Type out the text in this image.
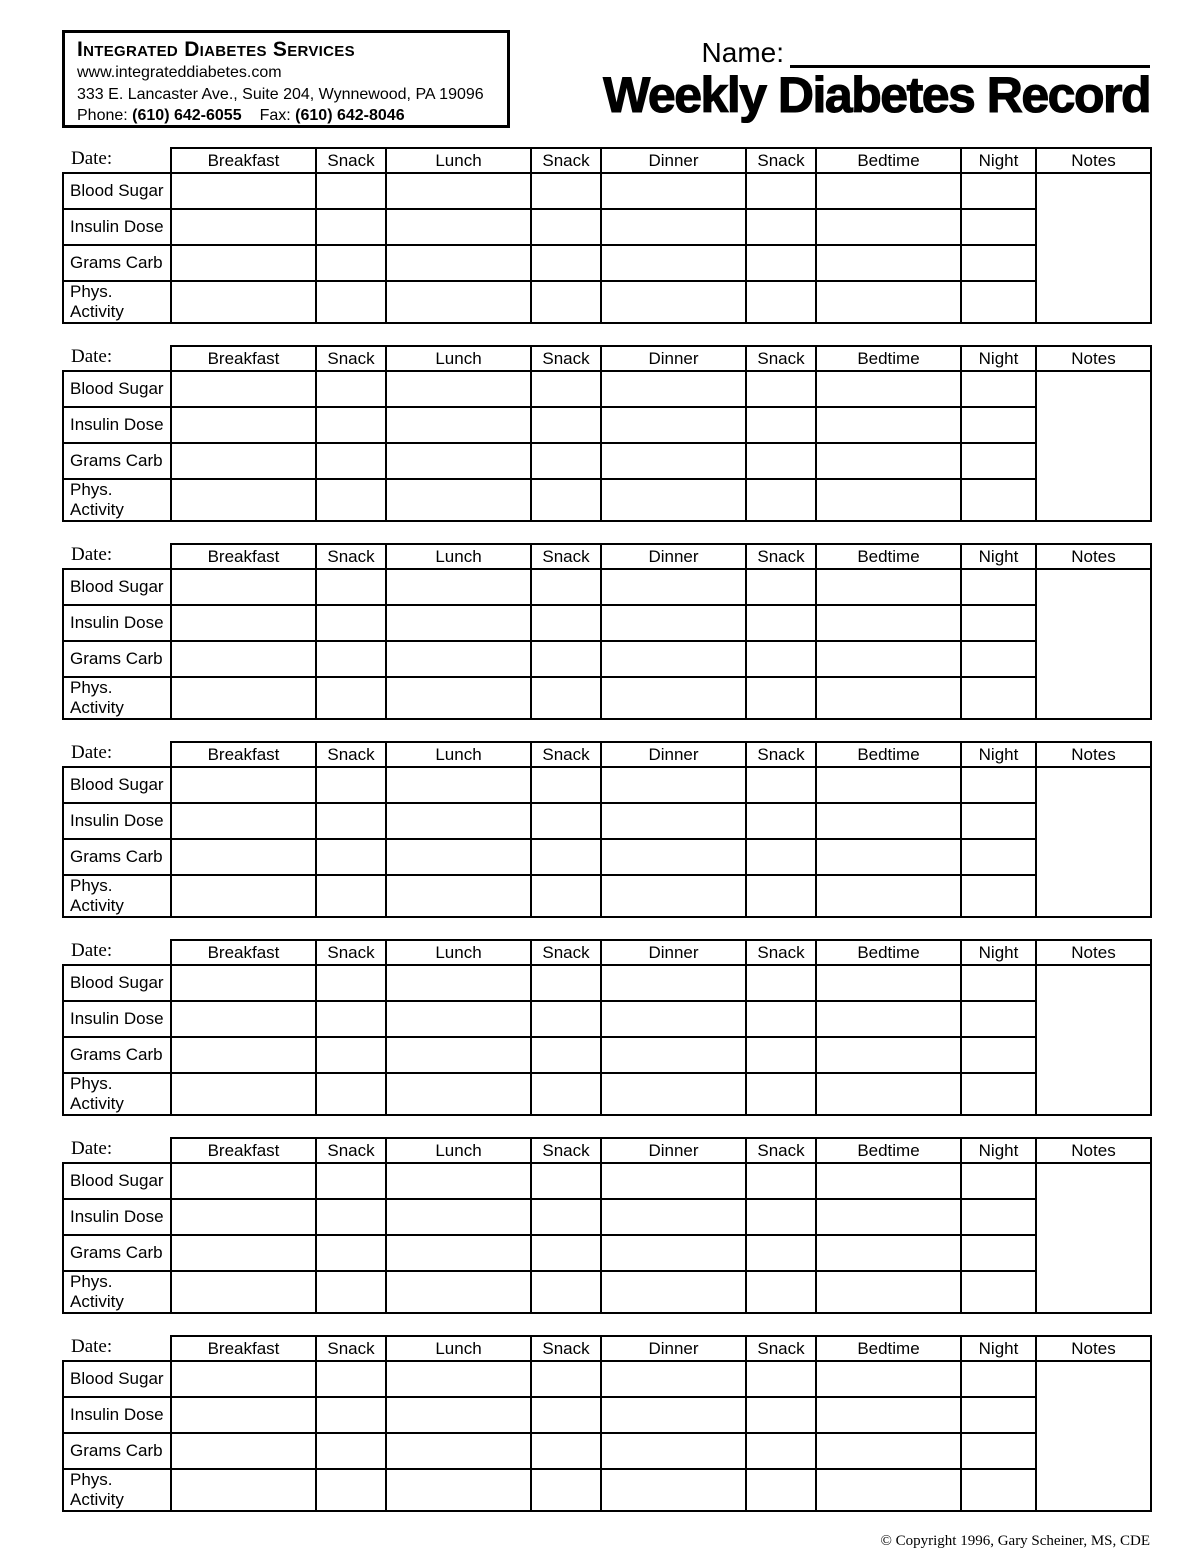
Integrated Diabetes Services
www.integrateddiabetes.com
333 E. Lancaster Ave., Suite 204, Wynnewood, PA 19096
Phone: (610) 642-6055 Fax: (610) 642-8046
Name:
Weekly Diabetes Record
Date:	Breakfast	Snack	Lunch	Snack	Dinner	Snack	Bedtime	Night	Notes
Blood Sugar									
Insulin Dose									
Grams Carb									
Phys. Activity									
Date:	Breakfast	Snack	Lunch	Snack	Dinner	Snack	Bedtime	Night	Notes
Blood Sugar									
Insulin Dose									
Grams Carb									
Phys. Activity									
Date:	Breakfast	Snack	Lunch	Snack	Dinner	Snack	Bedtime	Night	Notes
Blood Sugar									
Insulin Dose									
Grams Carb									
Phys. Activity									
Date:	Breakfast	Snack	Lunch	Snack	Dinner	Snack	Bedtime	Night	Notes
Blood Sugar									
Insulin Dose									
Grams Carb									
Phys. Activity									
Date:	Breakfast	Snack	Lunch	Snack	Dinner	Snack	Bedtime	Night	Notes
Blood Sugar									
Insulin Dose									
Grams Carb									
Phys. Activity									
Date:	Breakfast	Snack	Lunch	Snack	Dinner	Snack	Bedtime	Night	Notes
Blood Sugar									
Insulin Dose									
Grams Carb									
Phys. Activity									
Date:	Breakfast	Snack	Lunch	Snack	Dinner	Snack	Bedtime	Night	Notes
Blood Sugar									
Insulin Dose									
Grams Carb									
Phys. Activity									
© Copyright 1996, Gary Scheiner, MS, CDE
